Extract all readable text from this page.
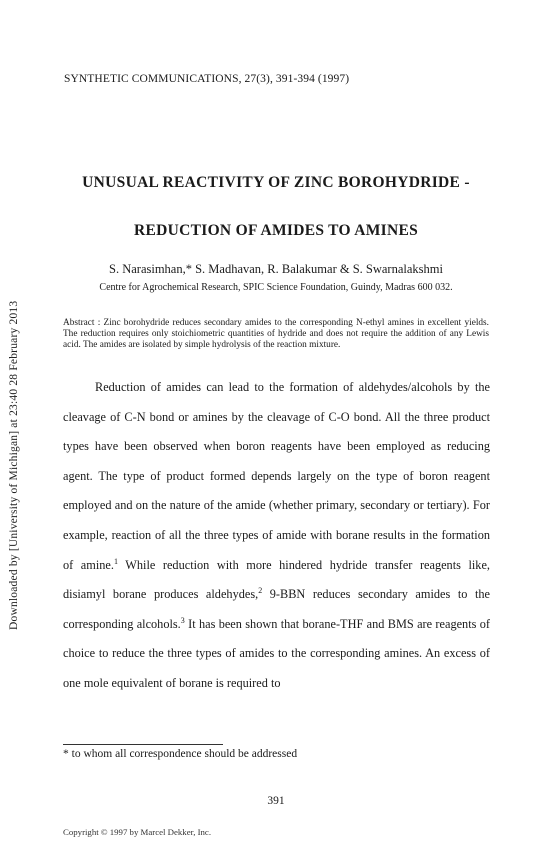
SYNTHETIC COMMUNICATIONS, 27(3), 391-394 (1997)
Downloaded by [University of Michigan] at 23:40 28 February 2013
UNUSUAL REACTIVITY OF ZINC BOROHYDRIDE -
REDUCTION OF AMIDES TO AMINES
S. Narasimhan,* S. Madhavan, R. Balakumar & S. Swarnalakshmi
Centre for Agrochemical Research, SPIC Science Foundation, Guindy, Madras 600 032.

Abstract : Zinc borohydride reduces secondary amides to the corresponding N-ethyl amines in excellent yields. The reduction requires only stoichiometric quantities of hydride and does not require the addition of any Lewis acid. The amides are isolated by simple hydrolysis of the reaction mixture.

Reduction of amides can lead to the formation of aldehydes/alcohols by the cleavage of C-N bond or amines by the cleavage of C-O bond. All the three product types have been observed when boron reagents have been employed as reducing agent. The type of product formed depends largely on the type of boron reagent employed and on the nature of the amide (whether primary, secondary or tertiary). For example, reaction of all the three types of amide with borane results in the formation of amine.$^1$ While reduction with more hindered hydride transfer reagents like, disiamyl borane produces aldehydes,$^2$ 9-BBN reduces secondary amides to the corresponding alcohols.$^3$ It has been shown that borane-THF and BMS are reagents of choice to reduce the three types of amides to the corresponding amines. An excess of one mole equivalent of borane is required to

* to whom all correspondence should be addressed
391
Copyright © 1997 by Marcel Dekker, Inc.
